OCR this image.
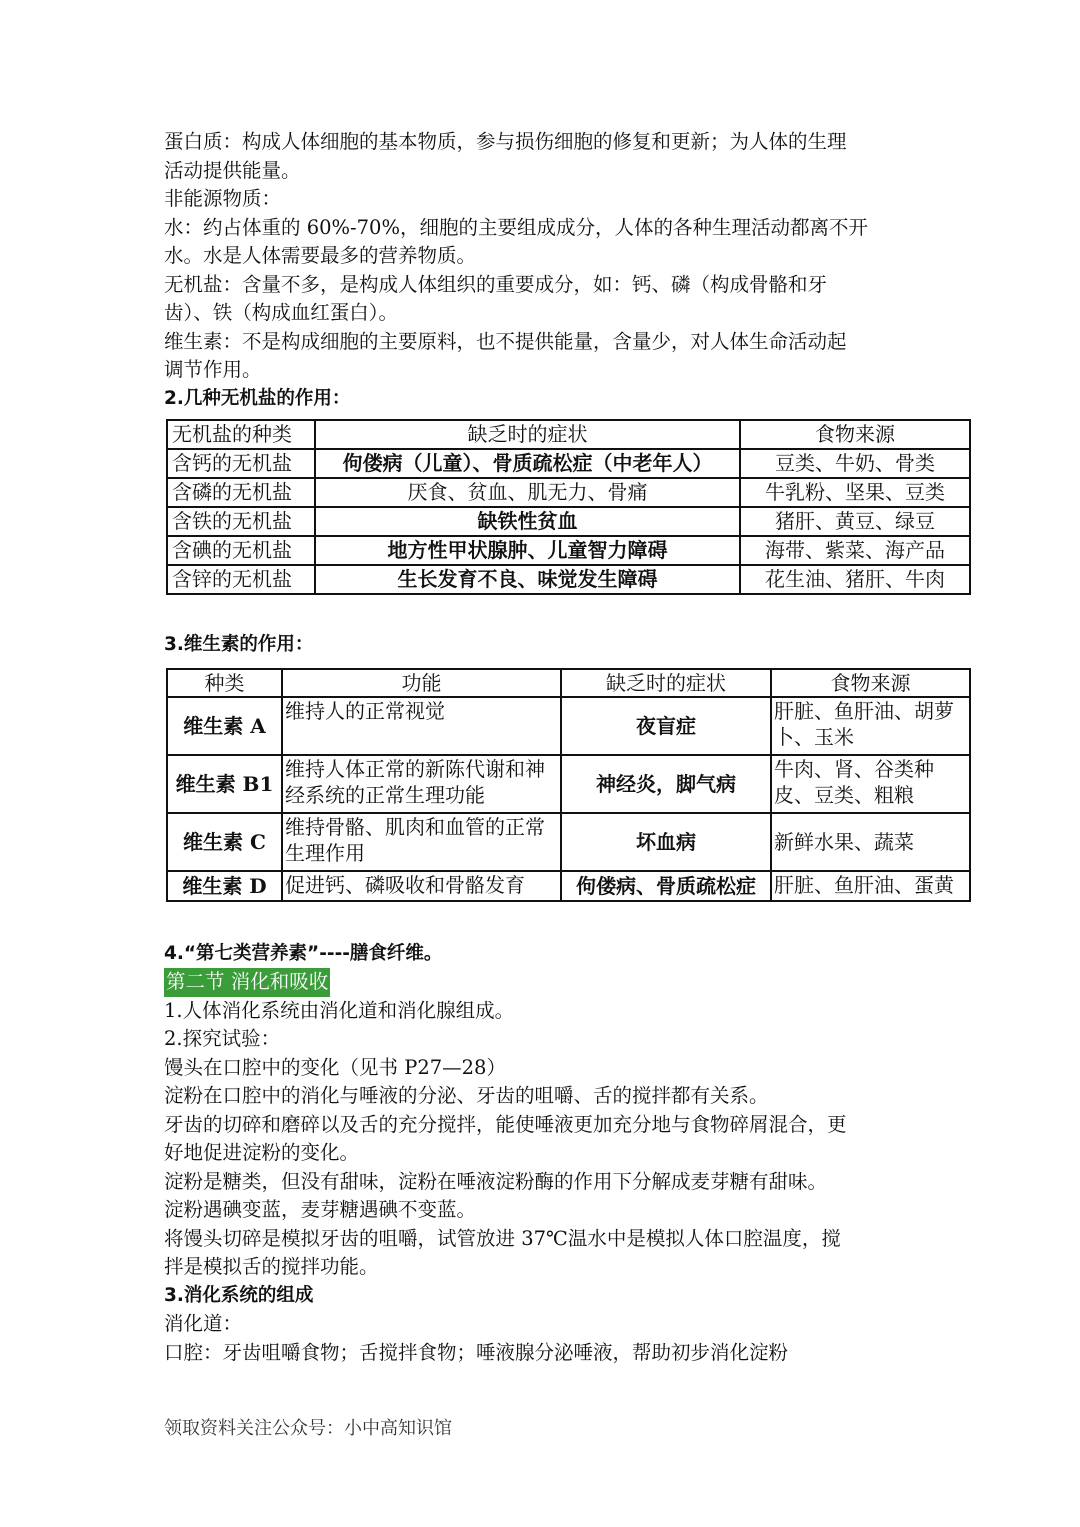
蛋白质：构成人体细胞的基本物质，参与损伤细胞的修复和更新；为人体的生理

活动提供能量。

非能源物质：

水：约占体重的 60%-70%，细胞的主要组成成分，人体的各种生理活动都离不开

水。水是人体需要最多的营养物质。

无机盐：含量不多，是构成人体组织的重要成分，如：钙、磷（构成骨骼和牙

齿）、铁（构成血红蛋白）。

维生素：不是构成细胞的主要原料，也不提供能量，含量少，对人体生命活动起

调节作用。

2.几种无机盐的作用：

无机盐的种类	缺乏时的症状	食物来源
含钙的无机盐	佝偻病（儿童）、骨质疏松症（中老年人）	豆类、牛奶、骨类
含磷的无机盐	厌食、贫血、肌无力、骨痛	牛乳粉、坚果、豆类
含铁的无机盐	缺铁性贫血	猪肝、黄豆、绿豆
含碘的无机盐	地方性甲状腺肿、儿童智力障碍	海带、紫菜、海产品
含锌的无机盐	生长发育不良、味觉发生障碍	花生油、猪肝、牛肉

3.维生素的作用：

种类	功能	缺乏时的症状	食物来源
维生素 A	维持人的正常视觉	夜盲症	肝脏、鱼肝油、胡萝卜、玉米
维生素 B1	维持人体正常的新陈代谢和神经系统的正常生理功能	神经炎，脚气病	牛肉、肾、谷类种皮、豆类、粗粮
维生素 C	维持骨骼、肌肉和血管的正常生理作用	坏血病	新鲜水果、蔬菜
维生素 D	促进钙、磷吸收和骨骼发育	佝偻病、骨质疏松症	肝脏、鱼肝油、蛋黄

4.“第七类营养素”----膳食纤维。

第二节 消化和吸收

1.人体消化系统由消化道和消化腺组成。

2.探究试验：

馒头在口腔中的变化（见书 P27—28）

淀粉在口腔中的消化与唾液的分泌、牙齿的咀嚼、舌的搅拌都有关系。

牙齿的切碎和磨碎以及舌的充分搅拌，能使唾液更加充分地与食物碎屑混合，更

好地促进淀粉的变化。

淀粉是糖类，但没有甜味，淀粉在唾液淀粉酶的作用下分解成麦芽糖有甜味。

淀粉遇碘变蓝，麦芽糖遇碘不变蓝。

将馒头切碎是模拟牙齿的咀嚼，试管放进 37℃温水中是模拟人体口腔温度，搅

拌是模拟舌的搅拌功能。

3.消化系统的组成

消化道：

口腔：牙齿咀嚼食物；舌搅拌食物；唾液腺分泌唾液，帮助初步消化淀粉

领取资料关注公众号：小中高知识馆
